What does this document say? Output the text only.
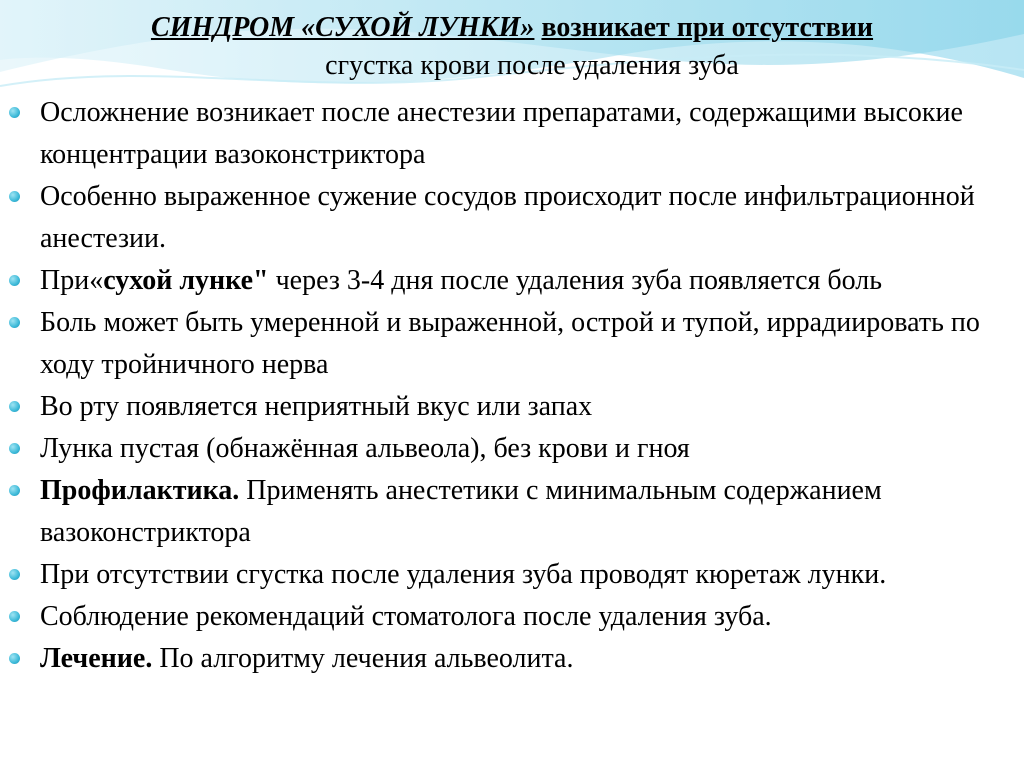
СИНДРОМ «СУХОЙ ЛУНКИ» возникает при отсутствии
сгустка крови после удаления зуба
Осложнение возникает после анестезии препаратами, содержащими высокие концентрации вазоконстриктора
Особенно выраженное сужение сосудов происходит после инфильтрационной анестезии.
При«сухой лунке" через 3-4 дня после удаления зуба появляется боль
Боль может быть умеренной и выраженной, острой и тупой, иррадиировать по ходу тройничного нерва
Во рту появляется неприятный вкус или запах
Лунка пустая (обнажённая альвеола), без крови и гноя
Профилактика. Применять анестетики с минимальным содержанием вазоконстриктора
При отсутствии сгустка после удаления зуба проводят кюретаж лунки.
Соблюдение рекомендаций стоматолога после удаления зуба.
Лечение. По алгоритму лечения альвеолита.
